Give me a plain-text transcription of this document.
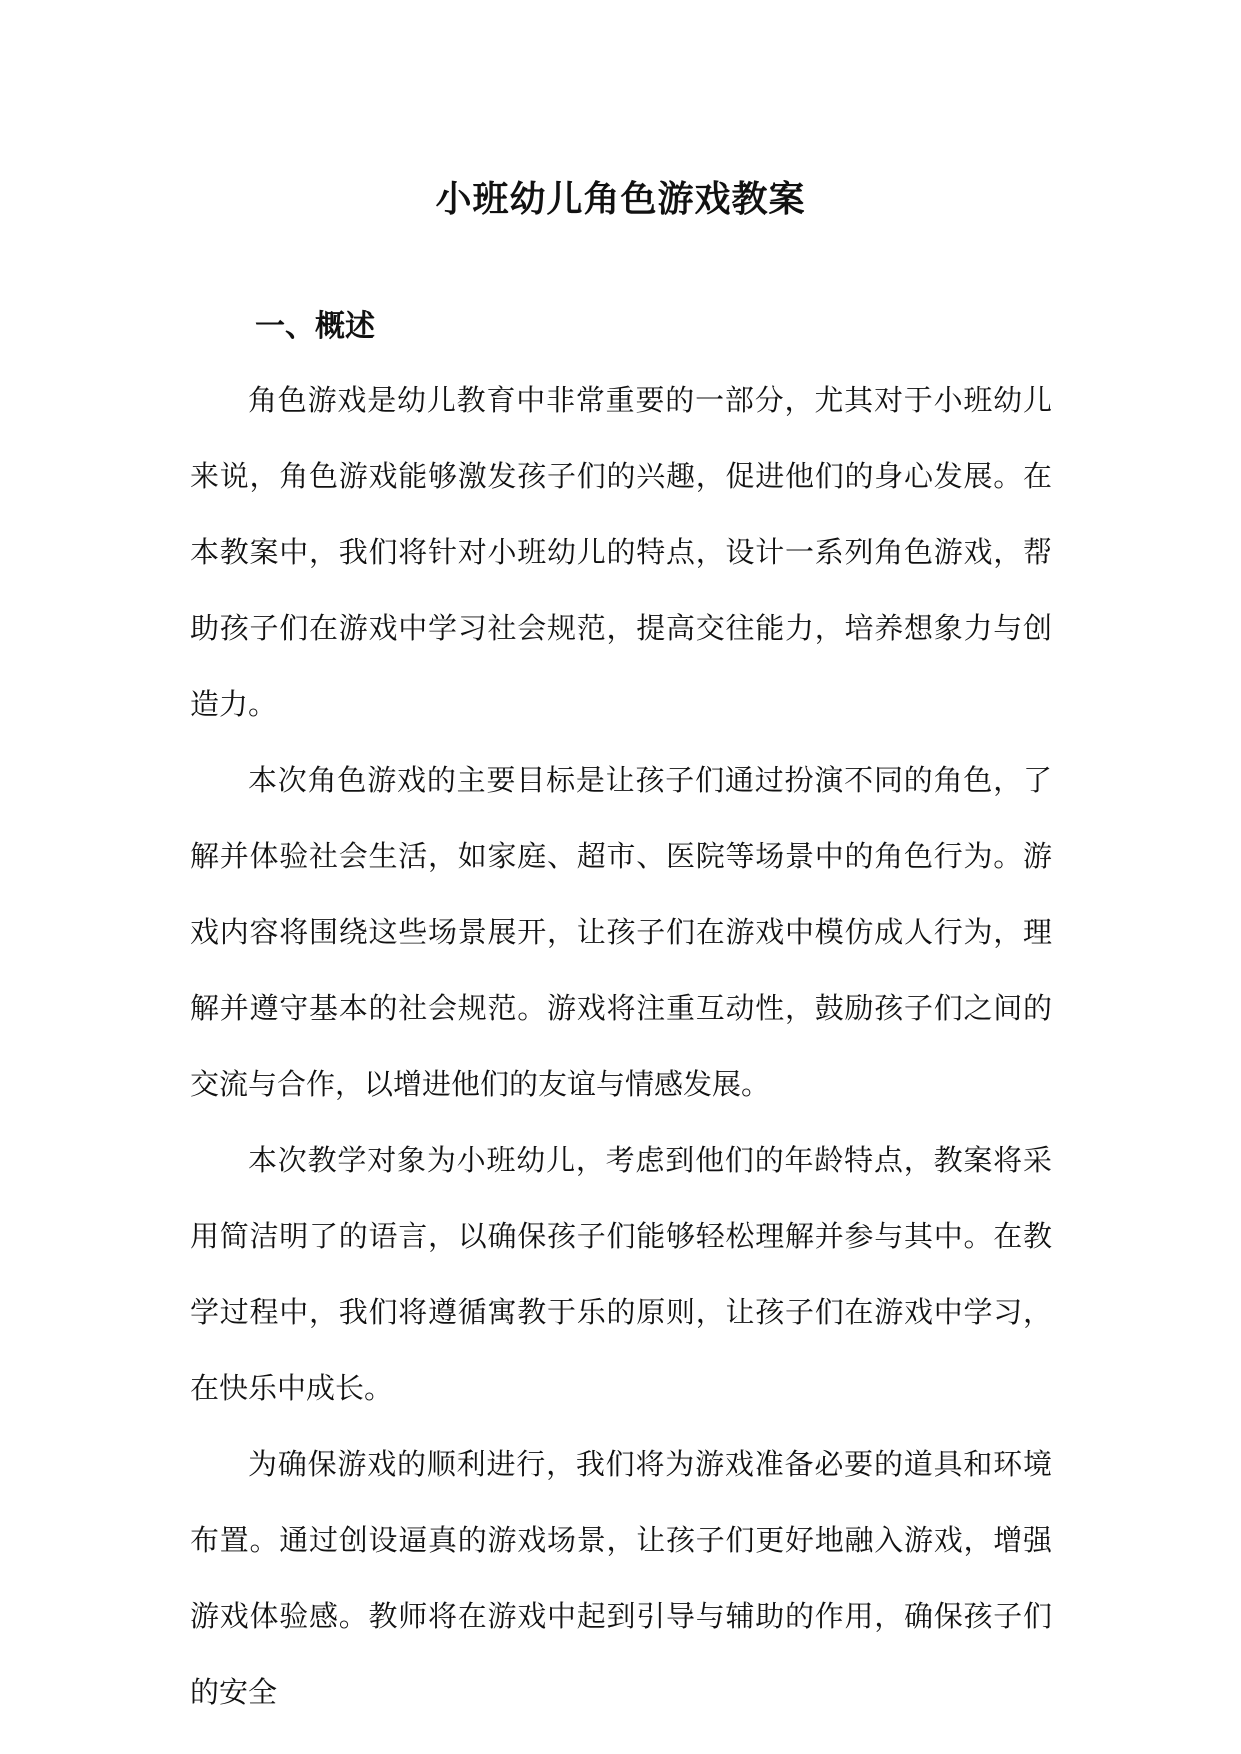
小班幼儿角色游戏教案
一、概述

角色游戏是幼儿教育中非常重要的一部分，尤其对于小班幼儿来说，角色游戏能够激发孩子们的兴趣，促进他们的身心发展。在本教案中，我们将针对小班幼儿的特点，设计一系列角色游戏，帮助孩子们在游戏中学习社会规范，提高交往能力，培养想象力与创造力。

本次角色游戏的主要目标是让孩子们通过扮演不同的角色，了解并体验社会生活，如家庭、超市、医院等场景中的角色行为。游戏内容将围绕这些场景展开，让孩子们在游戏中模仿成人行为，理解并遵守基本的社会规范。游戏将注重互动性，鼓励孩子们之间的交流与合作，以增进他们的友谊与情感发展。

本次教学对象为小班幼儿，考虑到他们的年龄特点，教案将采用简洁明了的语言，以确保孩子们能够轻松理解并参与其中。在教学过程中，我们将遵循寓教于乐的原则，让孩子们在游戏中学习，在快乐中成长。

为确保游戏的顺利进行，我们将为游戏准备必要的道具和环境布置。通过创设逼真的游戏场景，让孩子们更好地融入游戏，增强游戏体验感。教师将在游戏中起到引导与辅助的作用，确保孩子们的安全
